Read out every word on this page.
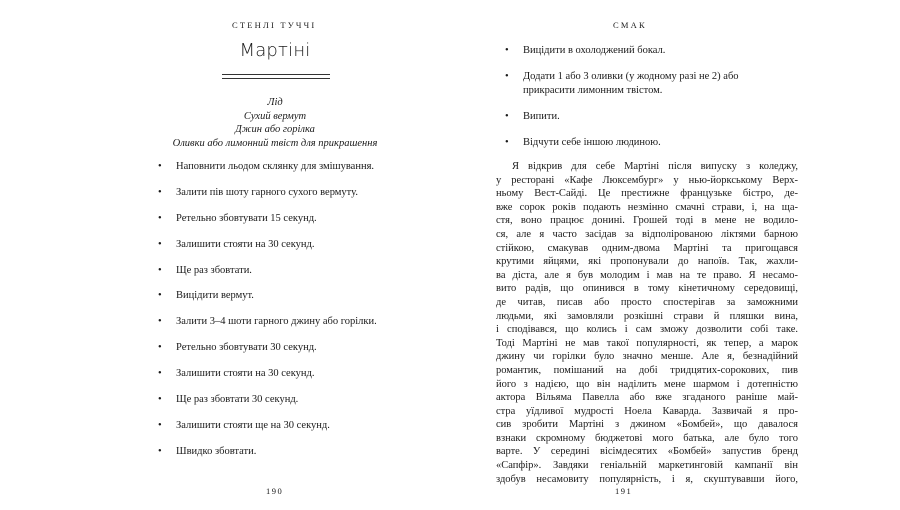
СТЕНЛІ ТУЧЧІ
Мартіні
Лід
Сухий вермут
Джин або горілка
Оливки або лимонний твіст для прикрашення
• Наповнити льодом склянку для змішування.
• Залити пів шоту гарного сухого вермуту.
• Ретельно збовтувати 15 секунд.
• Залишити стояти на 30 секунд.
• Ще раз збовтати.
• Вицідити вермут.
• Залити 3–4 шоти гарного джину або горілки.
• Ретельно збовтувати 30 секунд.
• Залишити стояти на 30 секунд.
• Ще раз збовтати 30 секунд.
• Залишити стояти ще на 30 секунд.
• Швидко збовтати.
190
СМАК
• Вицідити в охолоджений бокал.
• Додати 1 або 3 оливки (у жодному разі не 2) або
прикрасити лимонним твістом.
• Випити.
• Відчути себе іншою людиною.
Я відкрив для себе Мартіні після випуску з коледжу,
у ресторані «Кафе Люксембург» у нью-йоркському Верх-
ньому Вест-Сайді. Це престижне французьке бістро, де-
вже сорок років подають незмінно смачні страви, і, на ща-
стя, воно працює донині. Грошей тоді в мене не водило-
ся, але я часто засідав за відполірованою ліктями барною
стійкою, смакував одним-двома Мартіні та пригощався
крутими яйцями, які пропонували до напоїв. Так, жахли-
ва діста, але я був молодим і мав на те право. Я несамо-
вито радів, що опинився в тому кінетичному середовищі,
де читав, писав або просто спостерігав за заможними
людьми, які замовляли розкішні страви й пляшки вина,
і сподівався, що колись і сам зможу дозволити собі таке.
Тоді Мартіні не мав такої популярності, як тепер, а марок
джину чи горілки було значно менше. Але я, безнадійний
романтик, помішаний на добі тридцятих-сорокових, пив
його з надією, що він наділить мене шармом і дотепністю
актора Вільяма Павелла або вже згаданого раніше май-
стра уїдливої мудрості Ноела Каварда. Зазвичай я про-
сив зробити Мартіні з джином «Бомбей», що давалося
взнаки скромному бюджетові мого батька, але було того
варте. У середині вісімдесятих «Бомбей» запустив бренд
«Сапфір». Завдяки геніальній маркетинговій кампанії він
здобув несамовиту популярність, і я, скуштувавши його,
191
